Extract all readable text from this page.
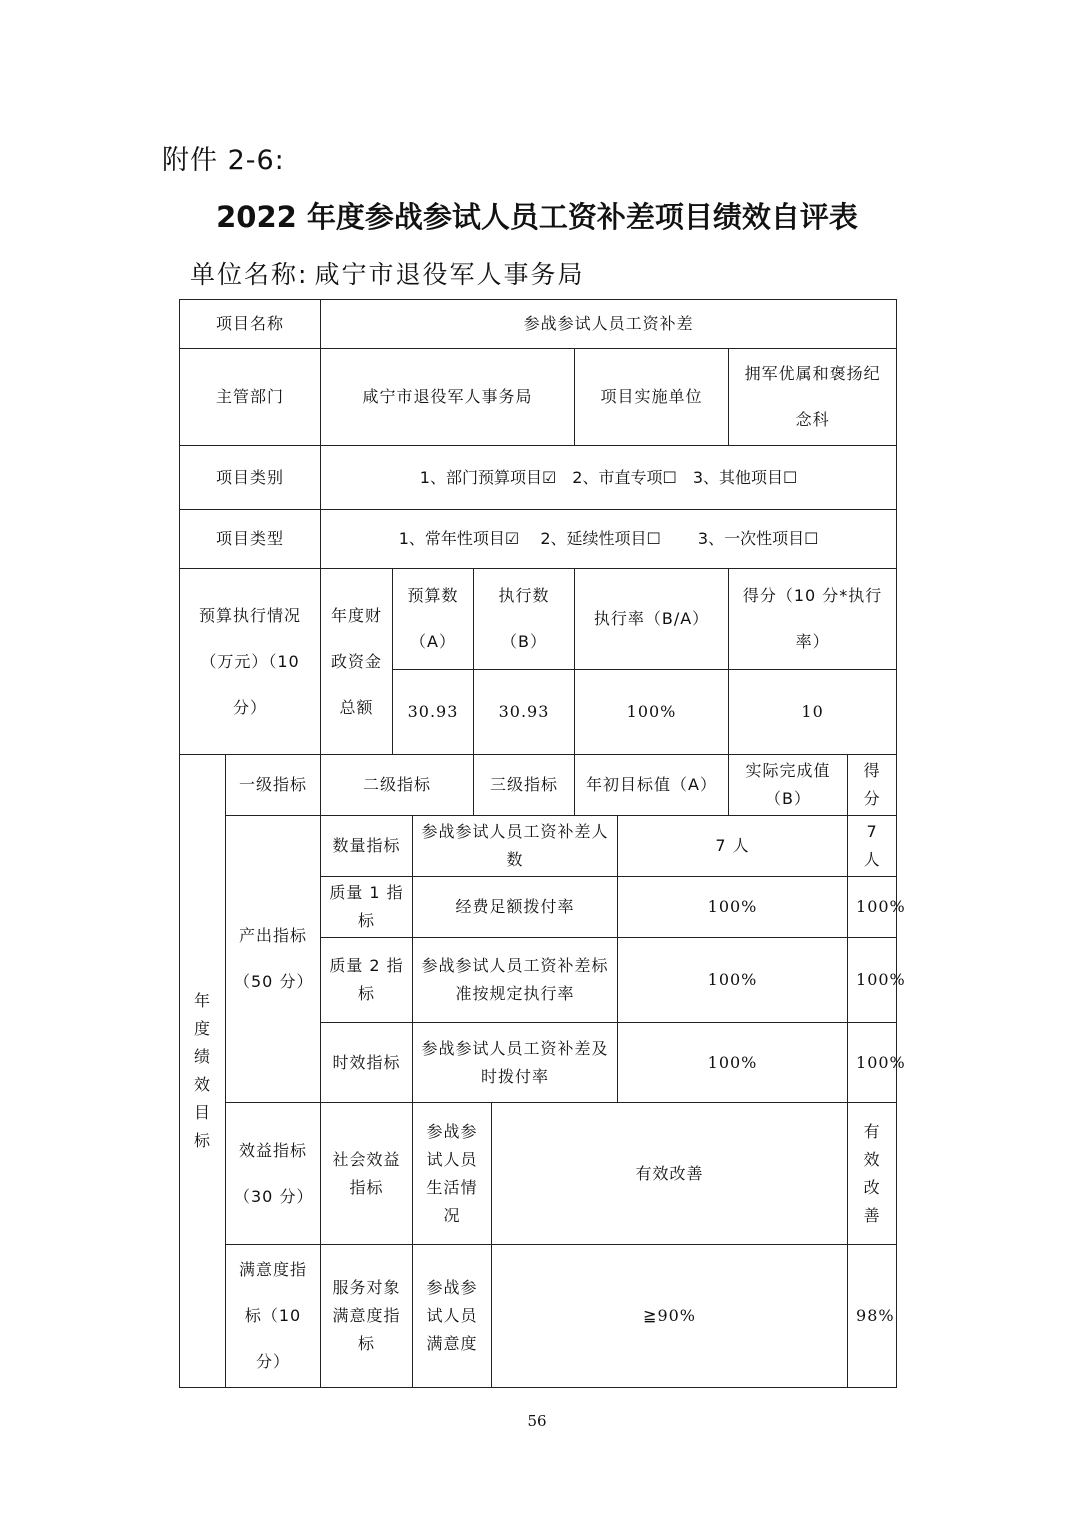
附件 2-6:
2022 年度参战参试人员工资补差项目绩效自评表
单位名称: 咸宁市退役军人事务局
项目名称		参战参试人员工资补差									
主管部门		咸宁市退役军人事务局					项目实施单位		拥军优属和褒扬纪念科		
项目类别		1、部门预算项目☑　2、市直专项☐　3、其他项目☐									
项目类型		1、常年性项目☑　 2、延续性项目☐　　 3、一次性项目☐									
预算执行情况（万元）（10 分）		年度财政资金总额	预算数（A）		执行数（B）		执行率（B/A）		得分（10 分*执行率）		
			30.93		30.93		100%		10		

年度绩效目标	一级指标	二级指标			三级指标		年初目标值（A）		实际完成值（B）	得分	
	产出指标（50 分）	数量指标		参战参试人员工资补差人数				7 人		7 人	
		质量 1 指标		经费足额拨付率				100%		100%	
		质量 2 指标		参战参试人员工资补差标准按规定执行率				100%		100%	
		时效指标		参战参试人员工资补差及时拨付率				100%		100%	
	效益指标（30 分）	社会效益指标		参战参试人员生活情况		有效改善				有效改善	
	满意度指标（10 分）	服务对象满意度指标		参战参试人员满意度		≧90%				98%	
56
